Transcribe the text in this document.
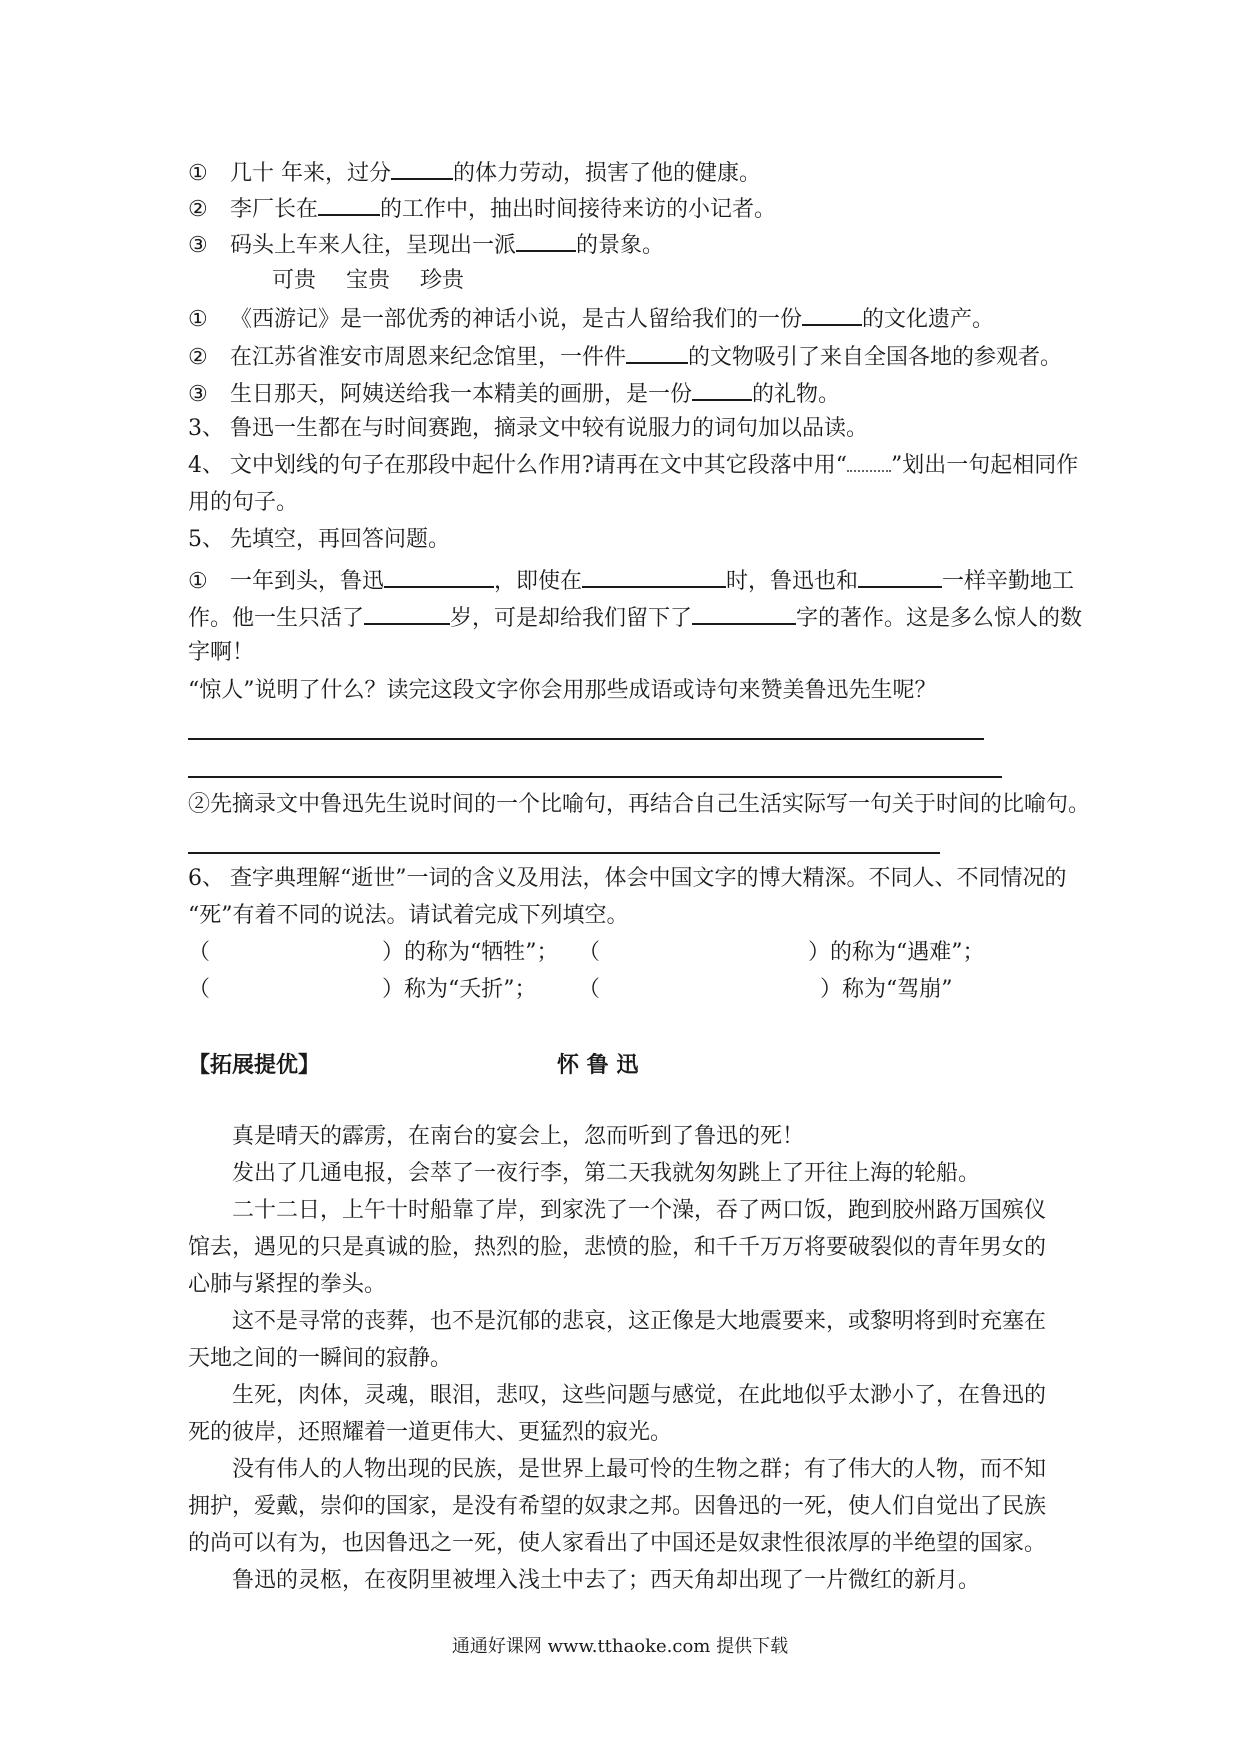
① 几十 年来，过分	的体力劳动，损害了他的健康。
② 李厂长在	的工作中，抽出时间接待来访的小记者。
③ 码头上车来人往，呈现出一派	的景象。
可贵 宝贵 珍贵
① 《西游记》是一部优秀的神话小说，是古人留给我们的一份	的文化遗产。
② 在江苏省淮安市周恩来纪念馆里，一件件	的文物吸引了来自全国各地的参观者。
③ 生日那天，阿姨送给我一本精美的画册，是一份	的礼物。
3、 鲁迅一生都在与时间赛跑，摘录文中较有说服力的词句加以品读。
4、 文中划线的句子在那段中起什么作用?请再在文中其它段落中用“ ”划出一句起相同作
用的句子。
5、 先填空，再回答问题。
① 一年到头，鲁迅	，即使在	时，鲁迅也和	一样辛勤地工
作。他一生只活了	岁，可是却给我们留下了	字的著作。这是多么惊人的数
字啊！
“惊人”说明了什么？读完这段文字你会用那些成语或诗句来赞美鲁迅先生呢？
②先摘录文中鲁迅先生说时间的一个比喻句，再结合自己生活实际写一句关于时间的比喻句。
6、 查字典理解“逝世”一词的含义及用法，体会中国文字的博大精深。不同人、不同情况的
“死”有着不同的说法。请试着完成下列填空。
（	）的称为“牺牲”； （	）的称为“遇难”；
（	）称为“夭折”； （	）称为“驾崩”
【拓展提优】	怀 鲁 迅
真是晴天的霹雳，在南台的宴会上，忽而听到了鲁迅的死！
发出了几通电报，会萃了一夜行李，第二天我就匆匆跳上了开往上海的轮船。
二十二日，上午十时船靠了岸，到家洗了一个澡，吞了两口饭，跑到胶州路万国殡仪馆去，遇见的只是真诚的脸，热烈的脸，悲愤的脸，和千千万万将要破裂似的青年男女的心肺与紧捏的拳头。
这不是寻常的丧葬，也不是沉郁的悲哀，这正像是大地震要来，或黎明将到时充塞在天地之间的一瞬间的寂静。
生死，肉体，灵魂，眼泪，悲叹，这些问题与感觉，在此地似乎太渺小了，在鲁迅的死的彼岸，还照耀着一道更伟大、更猛烈的寂光。
没有伟人的人物出现的民族，是世界上最可怜的生物之群；有了伟大的人物，而不知拥护，爱戴，崇仰的国家，是没有希望的奴隶之邦。因鲁迅的一死，使人们自觉出了民族的尚可以有为，也因鲁迅之一死，使人家看出了中国还是奴隶性很浓厚的半绝望的国家。
鲁迅的灵柩，在夜阴里被埋入浅土中去了；西天角却出现了一片微红的新月。
通通好课网 www.tthaoke.com 提供下载
